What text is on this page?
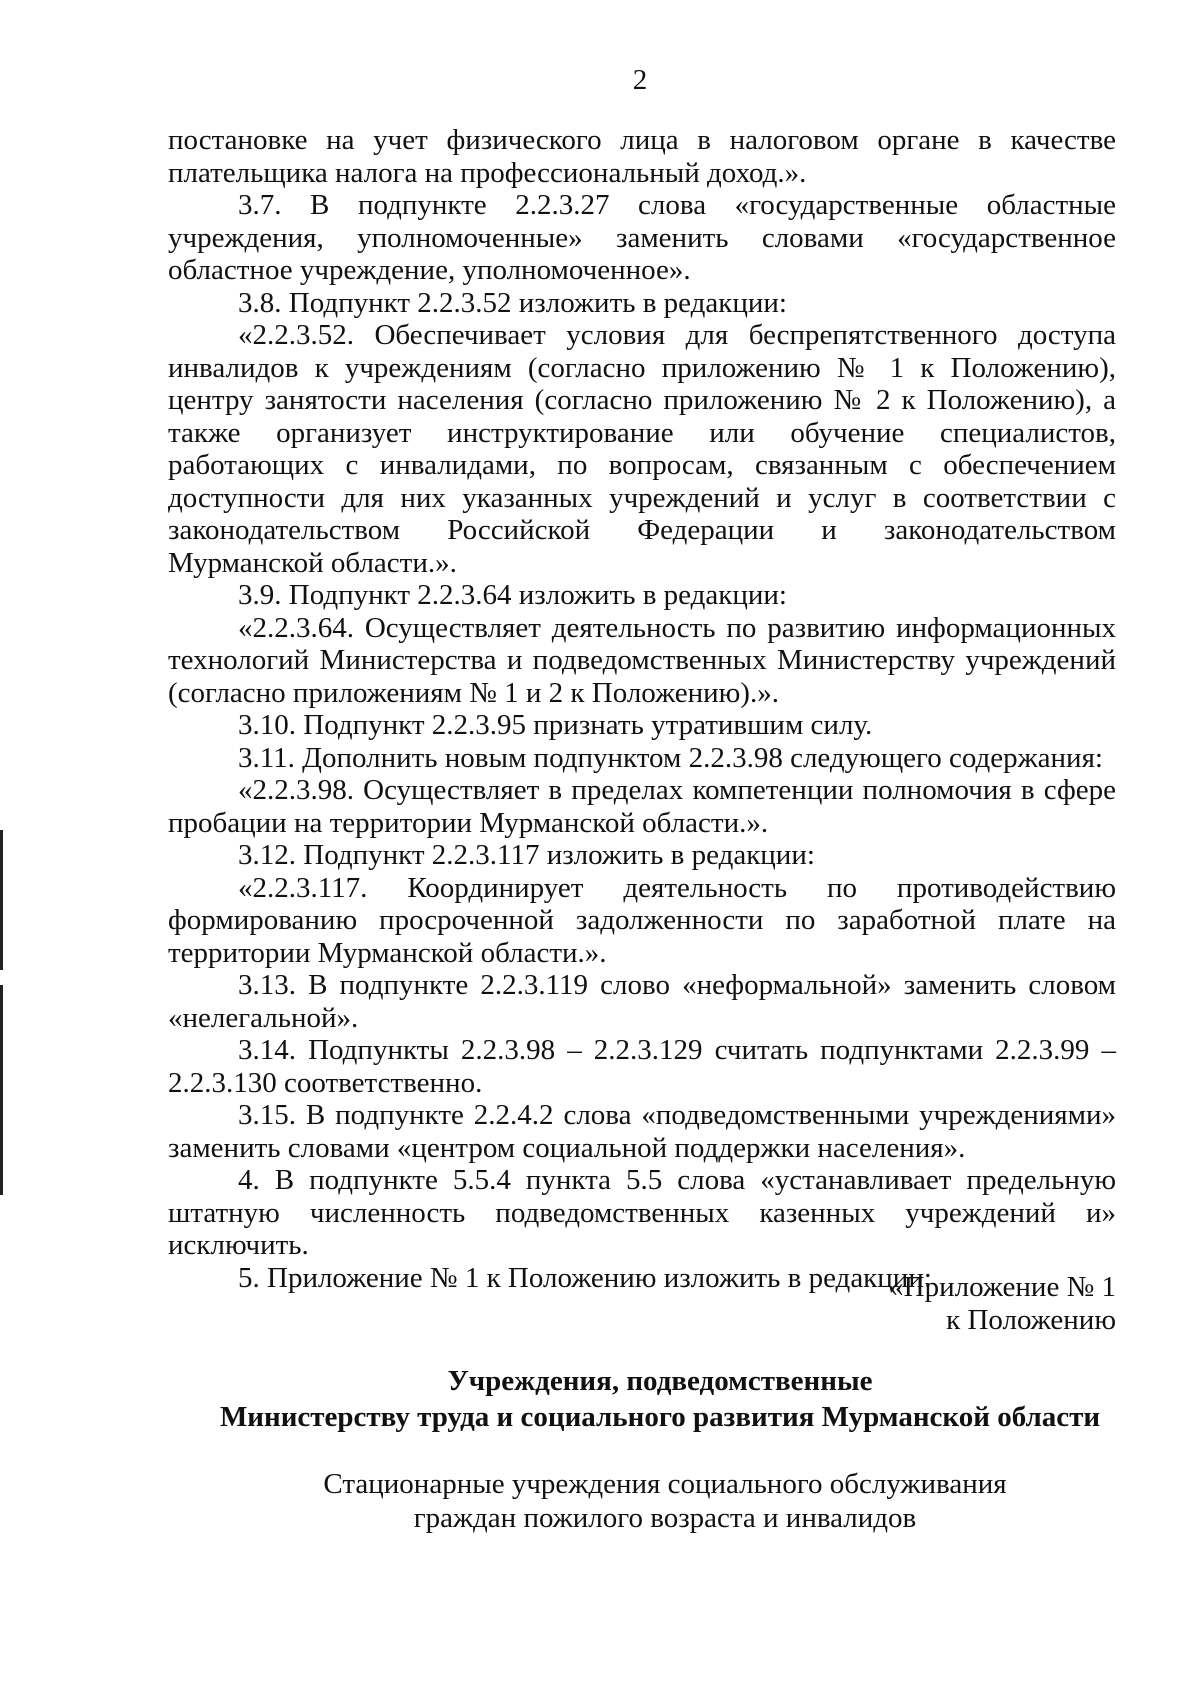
2

постановке на учет физического лица в налоговом органе в качестве плательщика налога на профессиональный доход.».

3.7. В подпункте 2.2.3.27 слова «государственные областные учреждения, уполномоченные» заменить словами «государственное областное учреждение, уполномоченное».

3.8. Подпункт 2.2.3.52 изложить в редакции:

«2.2.3.52. Обеспечивает условия для беспрепятственного доступа инвалидов к учреждениям (согласно приложению № 1 к Положению), центру занятости населения (согласно приложению № 2 к Положению), а также организует инструктирование или обучение специалистов, работающих с инвалидами, по вопросам, связанным с обеспечением доступности для них указанных учреждений и услуг в соответствии с законодательством Российской Федерации и законодательством Мурманской области.».

3.9. Подпункт 2.2.3.64 изложить в редакции:

«2.2.3.64. Осуществляет деятельность по развитию информационных технологий Министерства и подведомственных Министерству учреждений (согласно приложениям № 1 и 2 к Положению).».

3.10. Подпункт 2.2.3.95 признать утратившим силу.

3.11. Дополнить новым подпунктом 2.2.3.98 следующего содержания:

«2.2.3.98. Осуществляет в пределах компетенции полномочия в сфере пробации на территории Мурманской области.».

3.12. Подпункт 2.2.3.117 изложить в редакции:

«2.2.3.117. Координирует деятельность по противодействию формированию просроченной задолженности по заработной плате на территории Мурманской области.».

3.13. В подпункте 2.2.3.119 слово «неформальной» заменить словом «нелегальной».

3.14. Подпункты 2.2.3.98 – 2.2.3.129 считать подпунктами 2.2.3.99 – 2.2.3.130 соответственно.

3.15. В подпункте 2.2.4.2 слова «подведомственными учреждениями» заменить словами «центром социальной поддержки населения».

4. В подпункте 5.5.4 пункта 5.5 слова «устанавливает предельную штатную численность подведомственных казенных учреждений и» исключить.

5. Приложение № 1 к Положению изложить в редакции:

«Приложение № 1
к Положению
Учреждения, подведомственные
Министерству труда и социального развития Мурманской области
Стационарные учреждения социального обслуживания
граждан пожилого возраста и инвалидов
